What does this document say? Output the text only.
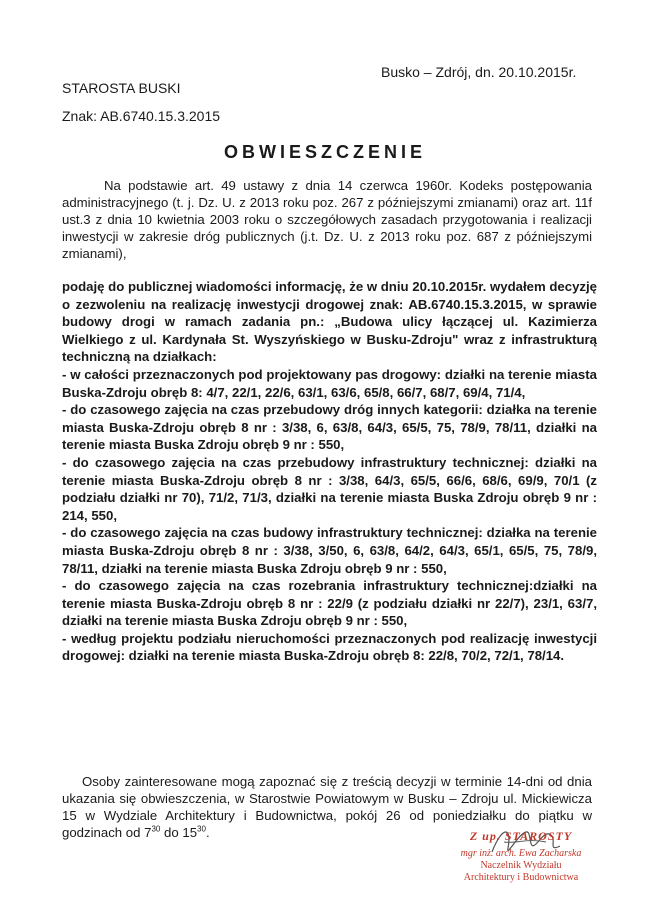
Busko – Zdrój, dn. 20.10.2015r.
STAROSTA BUSKI
Znak: AB.6740.15.3.2015
OBWIESZCZENIE

Na podstawie art. 49 ustawy z dnia 14 czerwca 1960r. Kodeks postępowania administracyjnego (t. j. Dz. U. z 2013 roku poz. 267 z późniejszymi zmianami) oraz art. 11f ust.3 z dnia 10 kwietnia 2003 roku o szczegółowych zasadach przygotowania i realizacji inwestycji w zakresie dróg publicznych (j.t. Dz. U. z 2013 roku poz. 687 z późniejszymi zmianami),

podaję do publicznej wiadomości informację, że w dniu 20.10.2015r. wydałem decyzję o zezwoleniu na realizację inwestycji drogowej znak: AB.6740.15.3.2015, w sprawie budowy drogi w ramach zadania pn.: „Budowa ulicy łączącej ul. Kazimierza Wielkiego z ul. Kardynała St. Wyszyńskiego w Busku-Zdroju" wraz z infrastrukturą techniczną na działkach:

- w całości przeznaczonych pod projektowany pas drogowy: działki na terenie miasta Buska-Zdroju obręb 8: 4/7, 22/1, 22/6, 63/1, 63/6, 65/8, 66/7, 68/7, 69/4, 71/4,

- do czasowego zajęcia na czas przebudowy dróg innych kategorii: działka na terenie miasta Buska-Zdroju obręb 8 nr : 3/38, 6, 63/8, 64/3, 65/5, 75, 78/9, 78/11, działki na terenie miasta Buska Zdroju obręb 9 nr : 550,

- do czasowego zajęcia na czas przebudowy infrastruktury technicznej: działki na terenie miasta Buska-Zdroju obręb 8 nr : 3/38, 64/3, 65/5, 66/6, 68/6, 69/9, 70/1 (z podziału działki nr 70), 71/2, 71/3, działki na terenie miasta Buska Zdroju obręb 9 nr : 214, 550,

- do czasowego zajęcia na czas budowy infrastruktury technicznej: działka na terenie miasta Buska-Zdroju obręb 8 nr : 3/38, 3/50, 6, 63/8, 64/2, 64/3, 65/1, 65/5, 75, 78/9, 78/11, działki na terenie miasta Buska Zdroju obręb 9 nr : 550,

- do czasowego zajęcia na czas rozebrania infrastruktury technicznej:działki na terenie miasta Buska-Zdroju obręb 8 nr : 22/9 (z podziału działki nr 22/7), 23/1, 63/7, działki na terenie miasta Buska Zdroju obręb 9 nr : 550,

- według projektu podziału nieruchomości przeznaczonych pod realizację inwestycji drogowej: działki na terenie miasta Buska-Zdroju obręb 8: 22/8, 70/2, 72/1, 78/14.

Osoby zainteresowane mogą zapoznać się z treścią decyzji w terminie 14-dni od dnia ukazania się obwieszczenia, w Starostwie Powiatowym w Busku – Zdroju ul. Mickiewicza 15 w Wydziale Architektury i Budownictwa, pokój 26 od poniedziałku do piątku w godzinach od $7^{30}$ do $15^{30}$.	Z up. STAROSTY
mgr inż. arch. Ewa Zacharska
Naczelnik Wydziału
Architektury i Budownictwa
